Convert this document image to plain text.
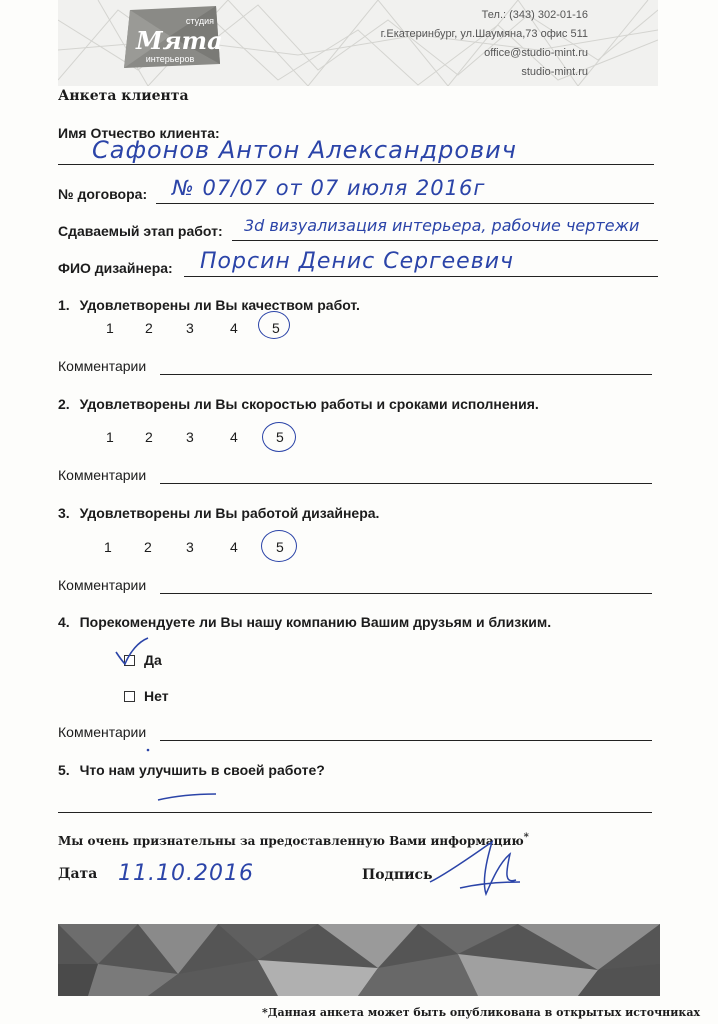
студия
Мята
интерьеров
Тел.: (343) 302-01-16
г.Екатеринбург, ул.Шаумяна,73 офис 511
office@studio-mint.ru
studio-mint.ru
Анкета клиента
Имя Отчество клиента:
Сафонов Антон Александрович
№ договора: № 07/07 от 07 июля 2016г
Сдаваемый этап работ: 3d визуализация интерьера, рабочие чертежи
ФИО дизайнера: Порсин Денис Сергеевич
1. Удовлетворены ли Вы качеством работ.
1 2 3	4 5
Комментарии
2. Удовлетворены ли Вы скоростью работы и сроками исполнения.
1 2 3	4	5
Комментарии
3. Удовлетворены ли Вы работой дизайнера.
1 2 3	4	5
Комментарии
4. Порекомендуете ли Вы нашу компанию Вашим друзьям и близким.
Да
Нет
Комментарии
5. Что нам улучшить в своей работе?
Мы очень признательны за предоставленную Вами информацию*
Дата 11.10.2016	Подпись
*Данная анкета может быть опубликована в открытых источниках
